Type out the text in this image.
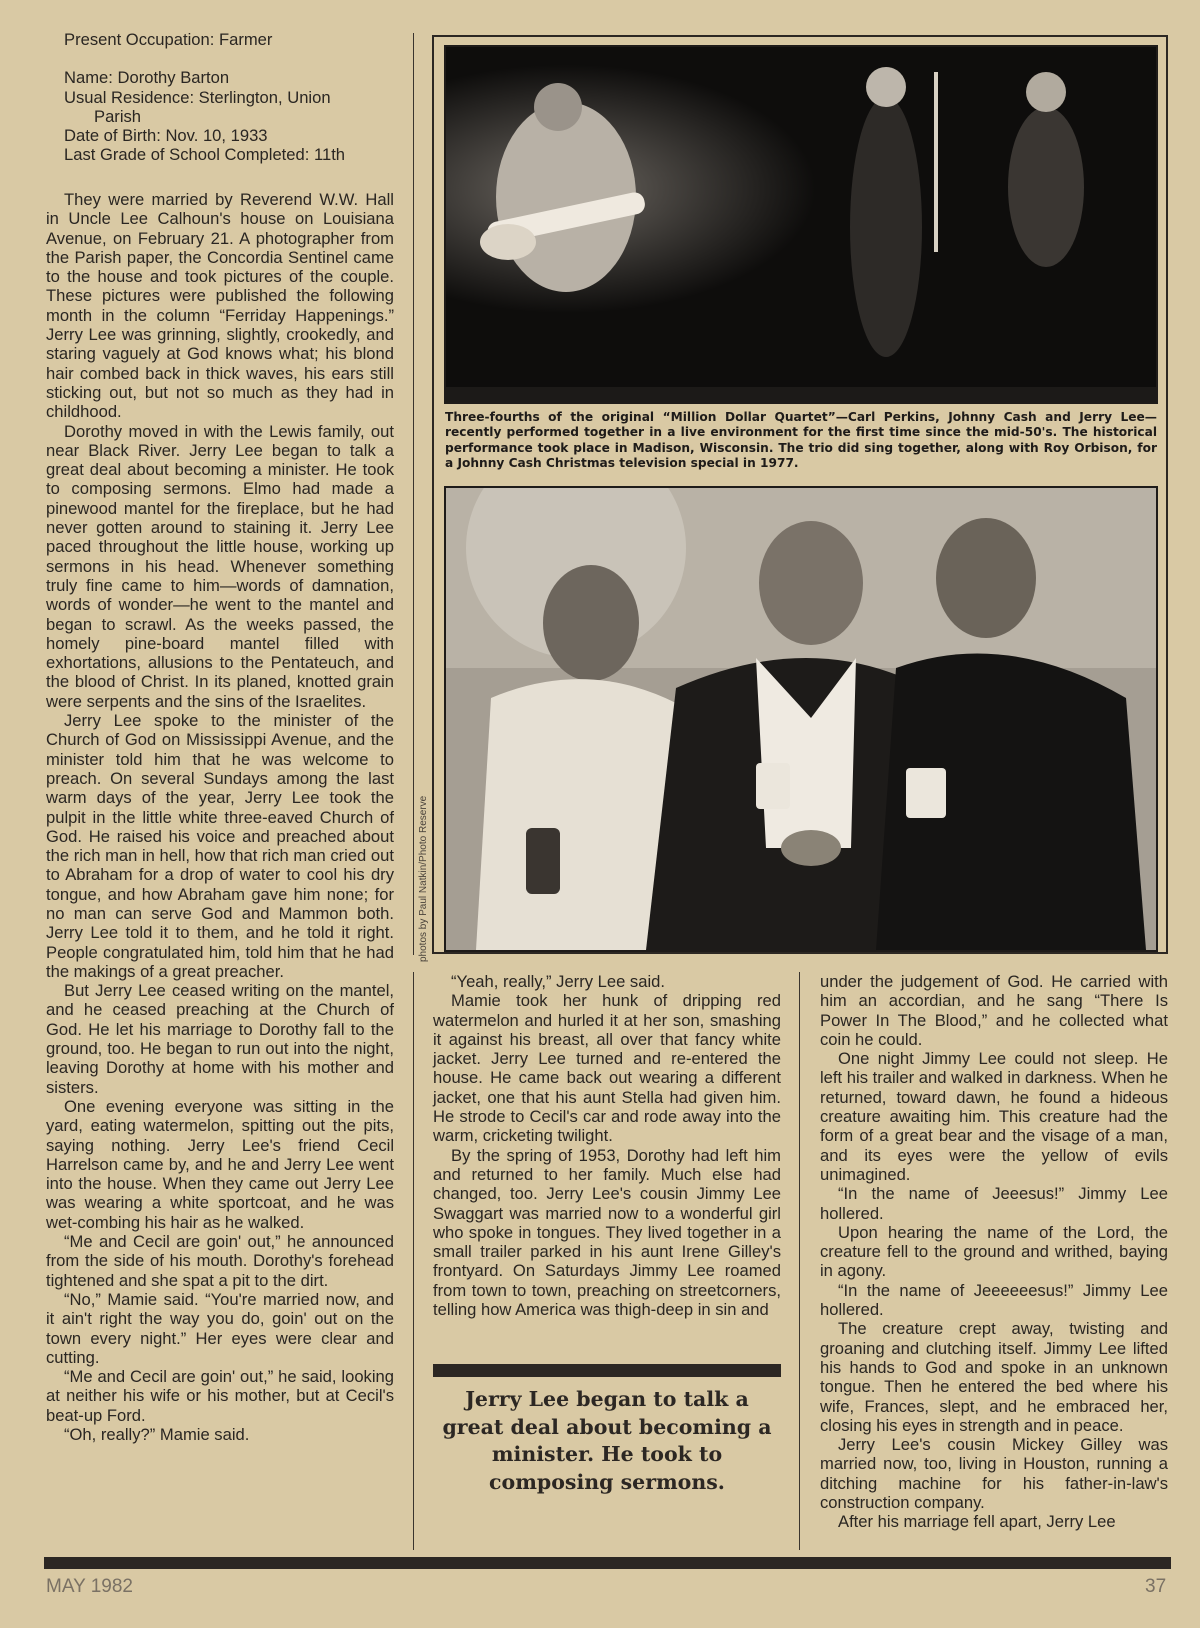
Present Occupation: Farmer
Name: Dorothy Barton
Usual Residence: Sterlington, Union
Parish
Date of Birth: Nov. 10, 1933
Last Grade of School Completed: 11th

They were married by Reverend W.W. Hall in Uncle Lee Calhoun's house on Louisiana Avenue, on February 21. A photographer from the Parish paper, the Concordia Sentinel came to the house and took pictures of the couple. These pictures were published the following month in the column “Ferriday Happenings.” Jerry Lee was grinning, slightly, crookedly, and staring vaguely at God knows what; his blond hair combed back in thick waves, his ears still sticking out, but not so much as they had in childhood.

Dorothy moved in with the Lewis family, out near Black River. Jerry Lee began to talk a great deal about becoming a minister. He took to composing sermons. Elmo had made a pinewood mantel for the fireplace, but he had never gotten around to staining it. Jerry Lee paced throughout the little house, working up sermons in his head. Whenever something truly fine came to him—words of damnation, words of wonder—he went to the mantel and began to scrawl. As the weeks passed, the homely pine-board mantel filled with exhortations, allusions to the Pentateuch, and the blood of Christ. In its planed, knotted grain were serpents and the sins of the Israelites.

Jerry Lee spoke to the minister of the Church of God on Mississippi Avenue, and the minister told him that he was welcome to preach. On several Sundays among the last warm days of the year, Jerry Lee took the pulpit in the little white three-eaved Church of God. He raised his voice and preached about the rich man in hell, how that rich man cried out to Abraham for a drop of water to cool his dry tongue, and how Abraham gave him none; for no man can serve God and Mammon both. Jerry Lee told it to them, and he told it right. People congratulated him, told him that he had the makings of a great preacher.

But Jerry Lee ceased writing on the mantel, and he ceased preaching at the Church of God. He let his marriage to Dorothy fall to the ground, too. He began to run out into the night, leaving Dorothy at home with his mother and sisters.

One evening everyone was sitting in the yard, eating watermelon, spitting out the pits, saying nothing. Jerry Lee's friend Cecil Harrelson came by, and he and Jerry Lee went into the house. When they came out Jerry Lee was wearing a white sportcoat, and he was wet-combing his hair as he walked.

“Me and Cecil are goin' out,” he announced from the side of his mouth. Dorothy's forehead tightened and she spat a pit to the dirt.

“No,” Mamie said. “You're married now, and it ain't right the way you do, goin' out on the town every night.” Her eyes were clear and cutting.

“Me and Cecil are goin' out,” he said, looking at neither his wife or his mother, but at Cecil's beat-up Ford.

“Oh, really?” Mamie said.

Three-fourths of the original “Million Dollar Quartet”—Carl Perkins, Johnny Cash and Jerry Lee—recently performed together in a live environment for the first time since the mid-50's. The historical performance took place in Madison, Wisconsin. The trio did sing together, along with Roy Orbison, for a Johnny Cash Christmas television special in 1977.
photos by Paul Natkin/Photo Reserve

“Yeah, really,” Jerry Lee said.

Mamie took her hunk of dripping red watermelon and hurled it at her son, smashing it against his breast, all over that fancy white jacket. Jerry Lee turned and re-entered the house. He came back out wearing a different jacket, one that his aunt Stella had given him. He strode to Cecil's car and rode away into the warm, cricketing twilight.

By the spring of 1953, Dorothy had left him and returned to her family. Much else had changed, too. Jerry Lee's cousin Jimmy Lee Swaggart was married now to a wonderful girl who spoke in tongues. They lived together in a small trailer parked in his aunt Irene Gilley's frontyard. On Saturdays Jimmy Lee roamed from town to town, preaching on streetcorners, telling how America was thigh-deep in sin and

Jerry Lee began to talk a great deal about becoming a minister. He took to composing sermons.

under the judgement of God. He carried with him an accordian, and he sang “There Is Power In The Blood,” and he collected what coin he could.

One night Jimmy Lee could not sleep. He left his trailer and walked in darkness. When he returned, toward dawn, he found a hideous creature awaiting him. This creature had the form of a great bear and the visage of a man, and its eyes were the yellow of evils unimagined.

“In the name of Jeeesus!” Jimmy Lee hollered.

Upon hearing the name of the Lord, the creature fell to the ground and writhed, baying in agony.

“In the name of Jeeeeeesus!” Jimmy Lee hollered.

The creature crept away, twisting and groaning and clutching itself. Jimmy Lee lifted his hands to God and spoke in an unknown tongue. Then he entered the bed where his wife, Frances, slept, and he embraced her, closing his eyes in strength and in peace.

Jerry Lee's cousin Mickey Gilley was married now, too, living in Houston, running a ditching machine for his father-in-law's construction company.

After his marriage fell apart, Jerry Lee

MAY 1982	37
